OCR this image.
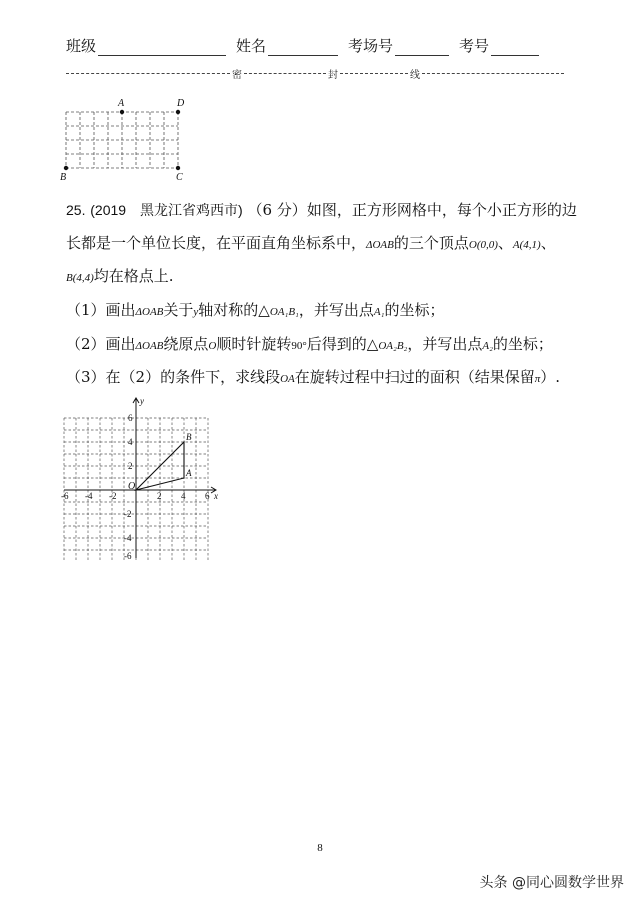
班级	姓名	考场号	考号
密	封	线
A	D
B	C
25. (2019　黑龙江省鸡西市) （6 分）如图，正方形网格中，每个小正方形的边
长都是一个单位长度，在平面直角坐标系中，ΔOAB的三个顶点O(0,0)、A(4,1)、
B(4,4)均在格点上.
（1）画出ΔOAB关于y轴对称的△OA₁B₁，并写出点A₁的坐标；
（2）画出ΔOAB绕原点O顺时针旋转90°后得到的△OA₂B₂，并写出点A₂的坐标；
（3）在（2）的条件下，求线段OA在旋转过程中扫过的面积（结果保留π）.
y
x
O
A
B
-6 -4 -2	2 4 6
6
4
2
-2
-4
-6
8
头条 @同心圆数学世界
